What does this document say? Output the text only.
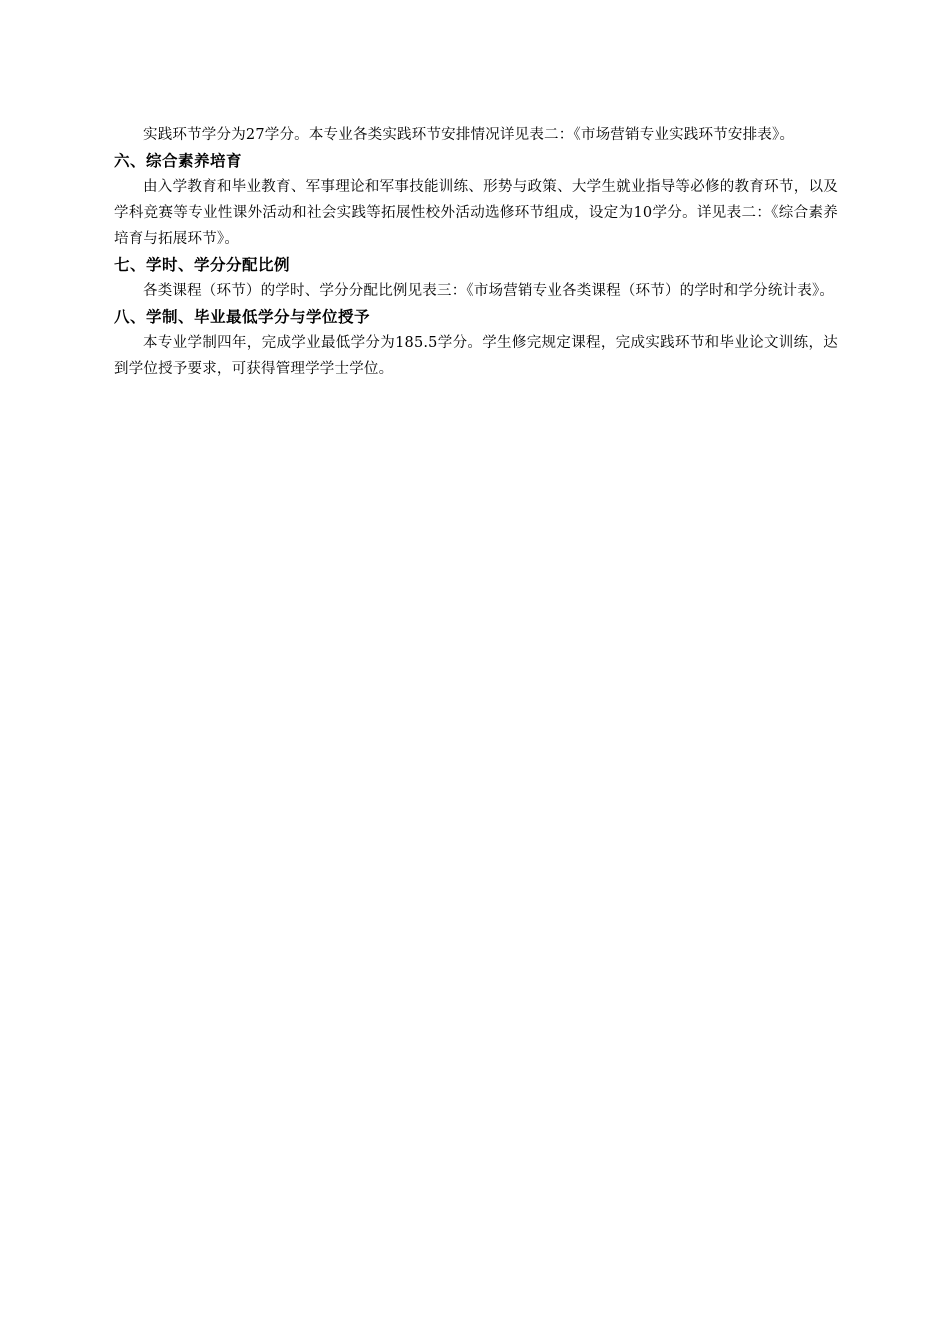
实践环节学分为27学分。本专业各类实践环节安排情况详见表二：《市场营销专业实践环节安排表》。

六、综合素养培育

由入学教育和毕业教育、军事理论和军事技能训练、形势与政策、大学生就业指导等必修的教育环节，以及学科竞赛等专业性课外活动和社会实践等拓展性校外活动选修环节组成，设定为10学分。详见表二：《综合素养培育与拓展环节》。

七、学时、学分分配比例

各类课程（环节）的学时、学分分配比例见表三：《市场营销专业各类课程（环节）的学时和学分统计表》。

八、学制、毕业最低学分与学位授予

本专业学制四年，完成学业最低学分为185.5学分。学生修完规定课程，完成实践环节和毕业论文训练，达到学位授予要求，可获得管理学学士学位。
